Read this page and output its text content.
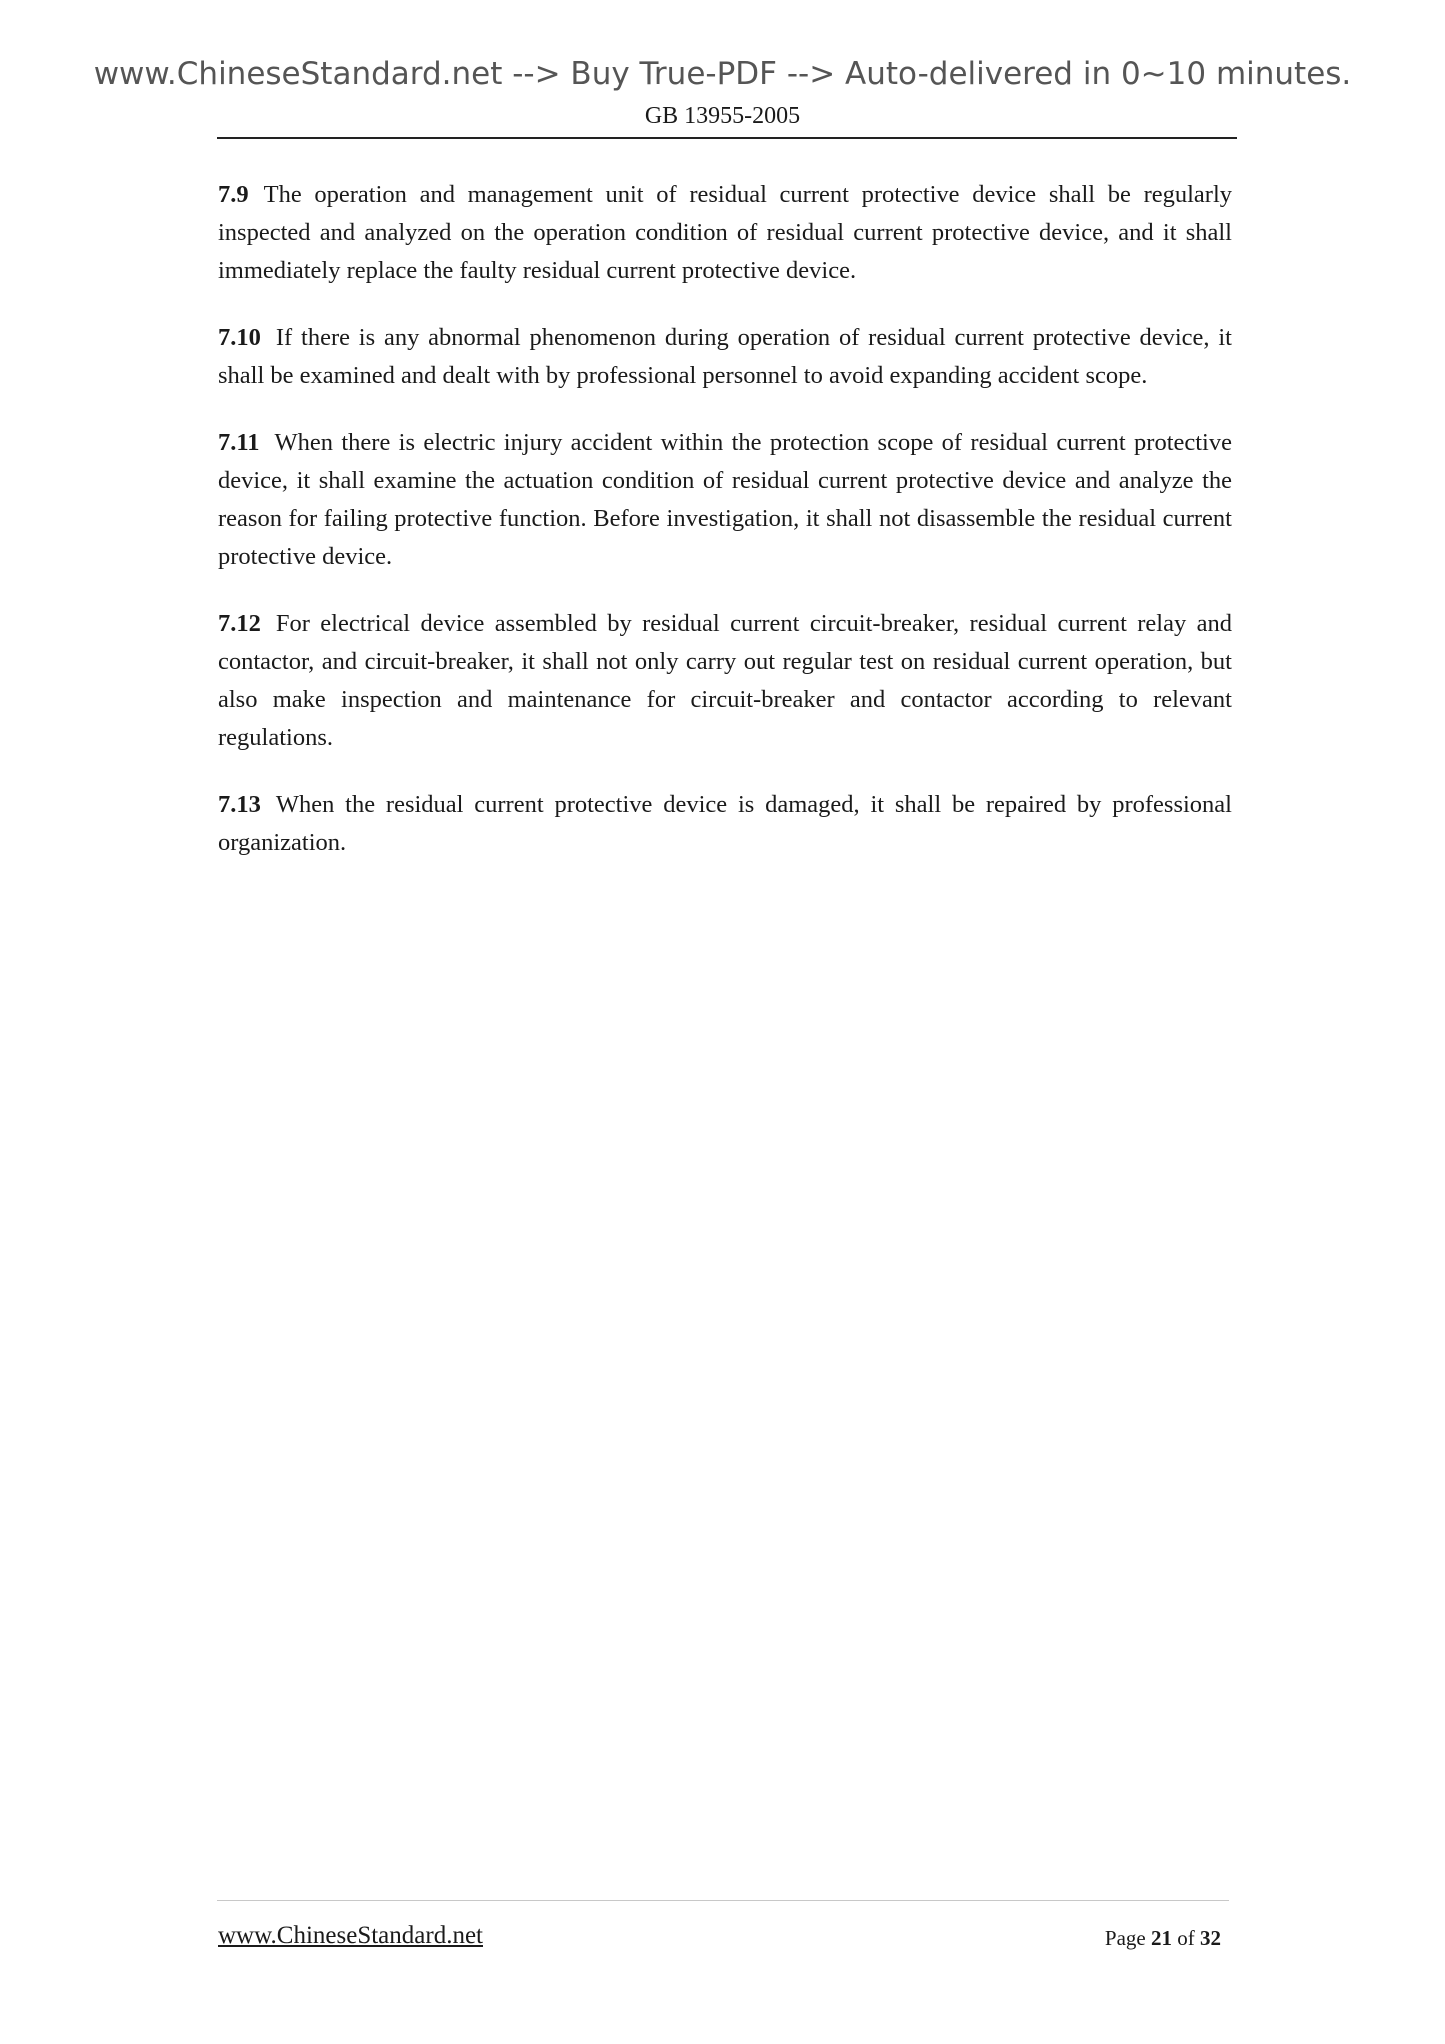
www.ChineseStandard.net --> Buy True-PDF --> Auto-delivered in 0~10 minutes.
GB 13955-2005

7.9 The operation and management unit of residual current protective device shall be regularly inspected and analyzed on the operation condition of residual current protective device, and it shall immediately replace the faulty residual current protective device.

7.10 If there is any abnormal phenomenon during operation of residual current protective device, it shall be examined and dealt with by professional personnel to avoid expanding accident scope.

7.11 When there is electric injury accident within the protection scope of residual current protective device, it shall examine the actuation condition of residual current protective device and analyze the reason for failing protective function. Before investigation, it shall not disassemble the residual current protective device.

7.12 For electrical device assembled by residual current circuit-breaker, residual current relay and contactor, and circuit-breaker, it shall not only carry out regular test on residual current operation, but also make inspection and maintenance for circuit-breaker and contactor according to relevant regulations.

7.13 When the residual current protective device is damaged, it shall be repaired by professional organization.

www.ChineseStandard.net	Page 21 of 32
